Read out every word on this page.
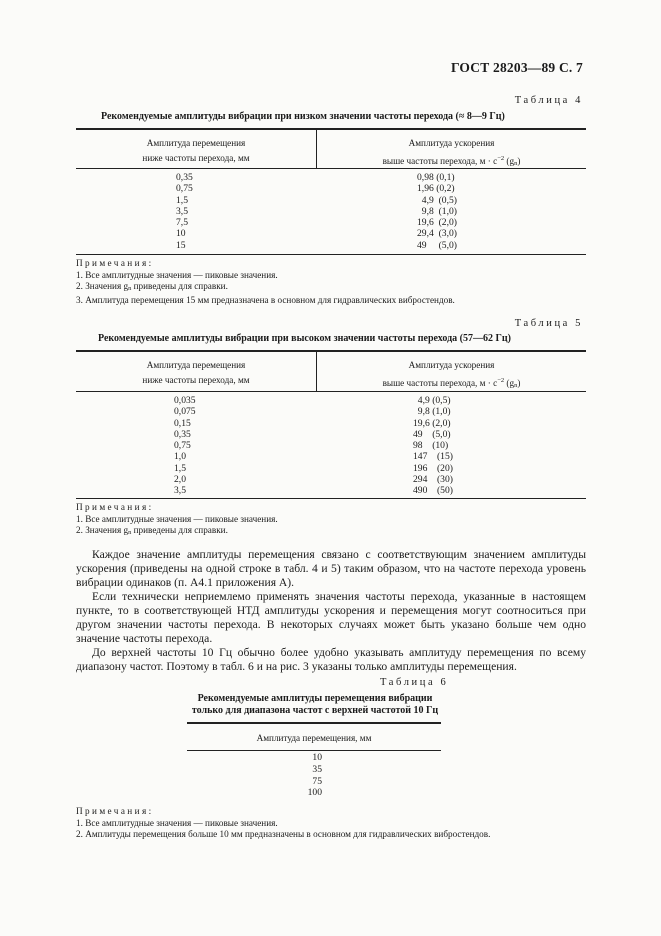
ГОСТ 28203—89 С. 7
Таблица 4
Рекомендуемые амплитуды вибрации при низком значении частоты перехода (≈ 8—9 Гц)
Амплитуда перемещения
ниже частоты перехода, мм
Амплитуда ускорения
выше частоты перехода, $м \cdot с^{-2}$ (gn)
0,35
0,75
1,5
3,5
7,5
10
15
0,98 (0,1)
1,96 (0,2)
4,9  (0,5)
9,8  (1,0)
19,6  (2,0)
29,4  (3,0)
49     (5,0)
Примечания:
1. Все амплитудные значения — пиковые значения.
2. Значения gn приведены для справки.
3. Амплитуда перемещения 15 мм предназначена в основном для гидравлических вибростендов.
Таблица 5
Рекомендуемые амплитуды вибрации при высоком значении частоты перехода (57—62 Гц)
Амплитуда перемещения
ниже частоты перехода, мм
Амплитуда ускорения
выше частоты перехода, $м \cdot с^{-2}$ (gn)
0,035
0,075
0,15
0,35
0,75
1,0
1,5
2,0
3,5
4,9 (0,5)
9,8 (1,0)
19,6 (2,0)
49    (5,0)
98    (10)
147    (15)
196    (20)
294    (30)
490    (50)
Примечания:
1. Все амплитудные значения — пиковые значения.
2. Значения gn приведены для справки.

Каждое значение амплитуды перемещения связано с соответствующим значением амплитуды ускорения (приведены на одной строке в табл. 4 и 5) таким образом, что на частоте перехода уровень вибрации одинаков (п. А4.1 приложения А).

Если технически неприемлемо применять значения частоты перехода, указанные в настоящем пункте, то в соответствующей НТД амплитуды ускорения и перемещения могут соотноситься при другом значении частоты перехода. В некоторых случаях может быть указано больше чем одно значение частоты перехода.

До верхней частоты 10 Гц обычно более удобно указывать амплитуду перемещения по всему диапазону частот. Поэтому в табл. 6 и на рис. 3 указаны только амплитуды перемещения.

Таблица 6
Рекомендуемые амплитуды перемещения вибрации
только для диапазона частот с верхней частотой 10 Гц
Амплитуда перемещения, мм
10
35
75
100
Примечания:
1. Все амплитудные значения — пиковые значения.
2. Амплитуды перемещения больше 10 мм предназначены в основном для гидравлических вибростендов.
